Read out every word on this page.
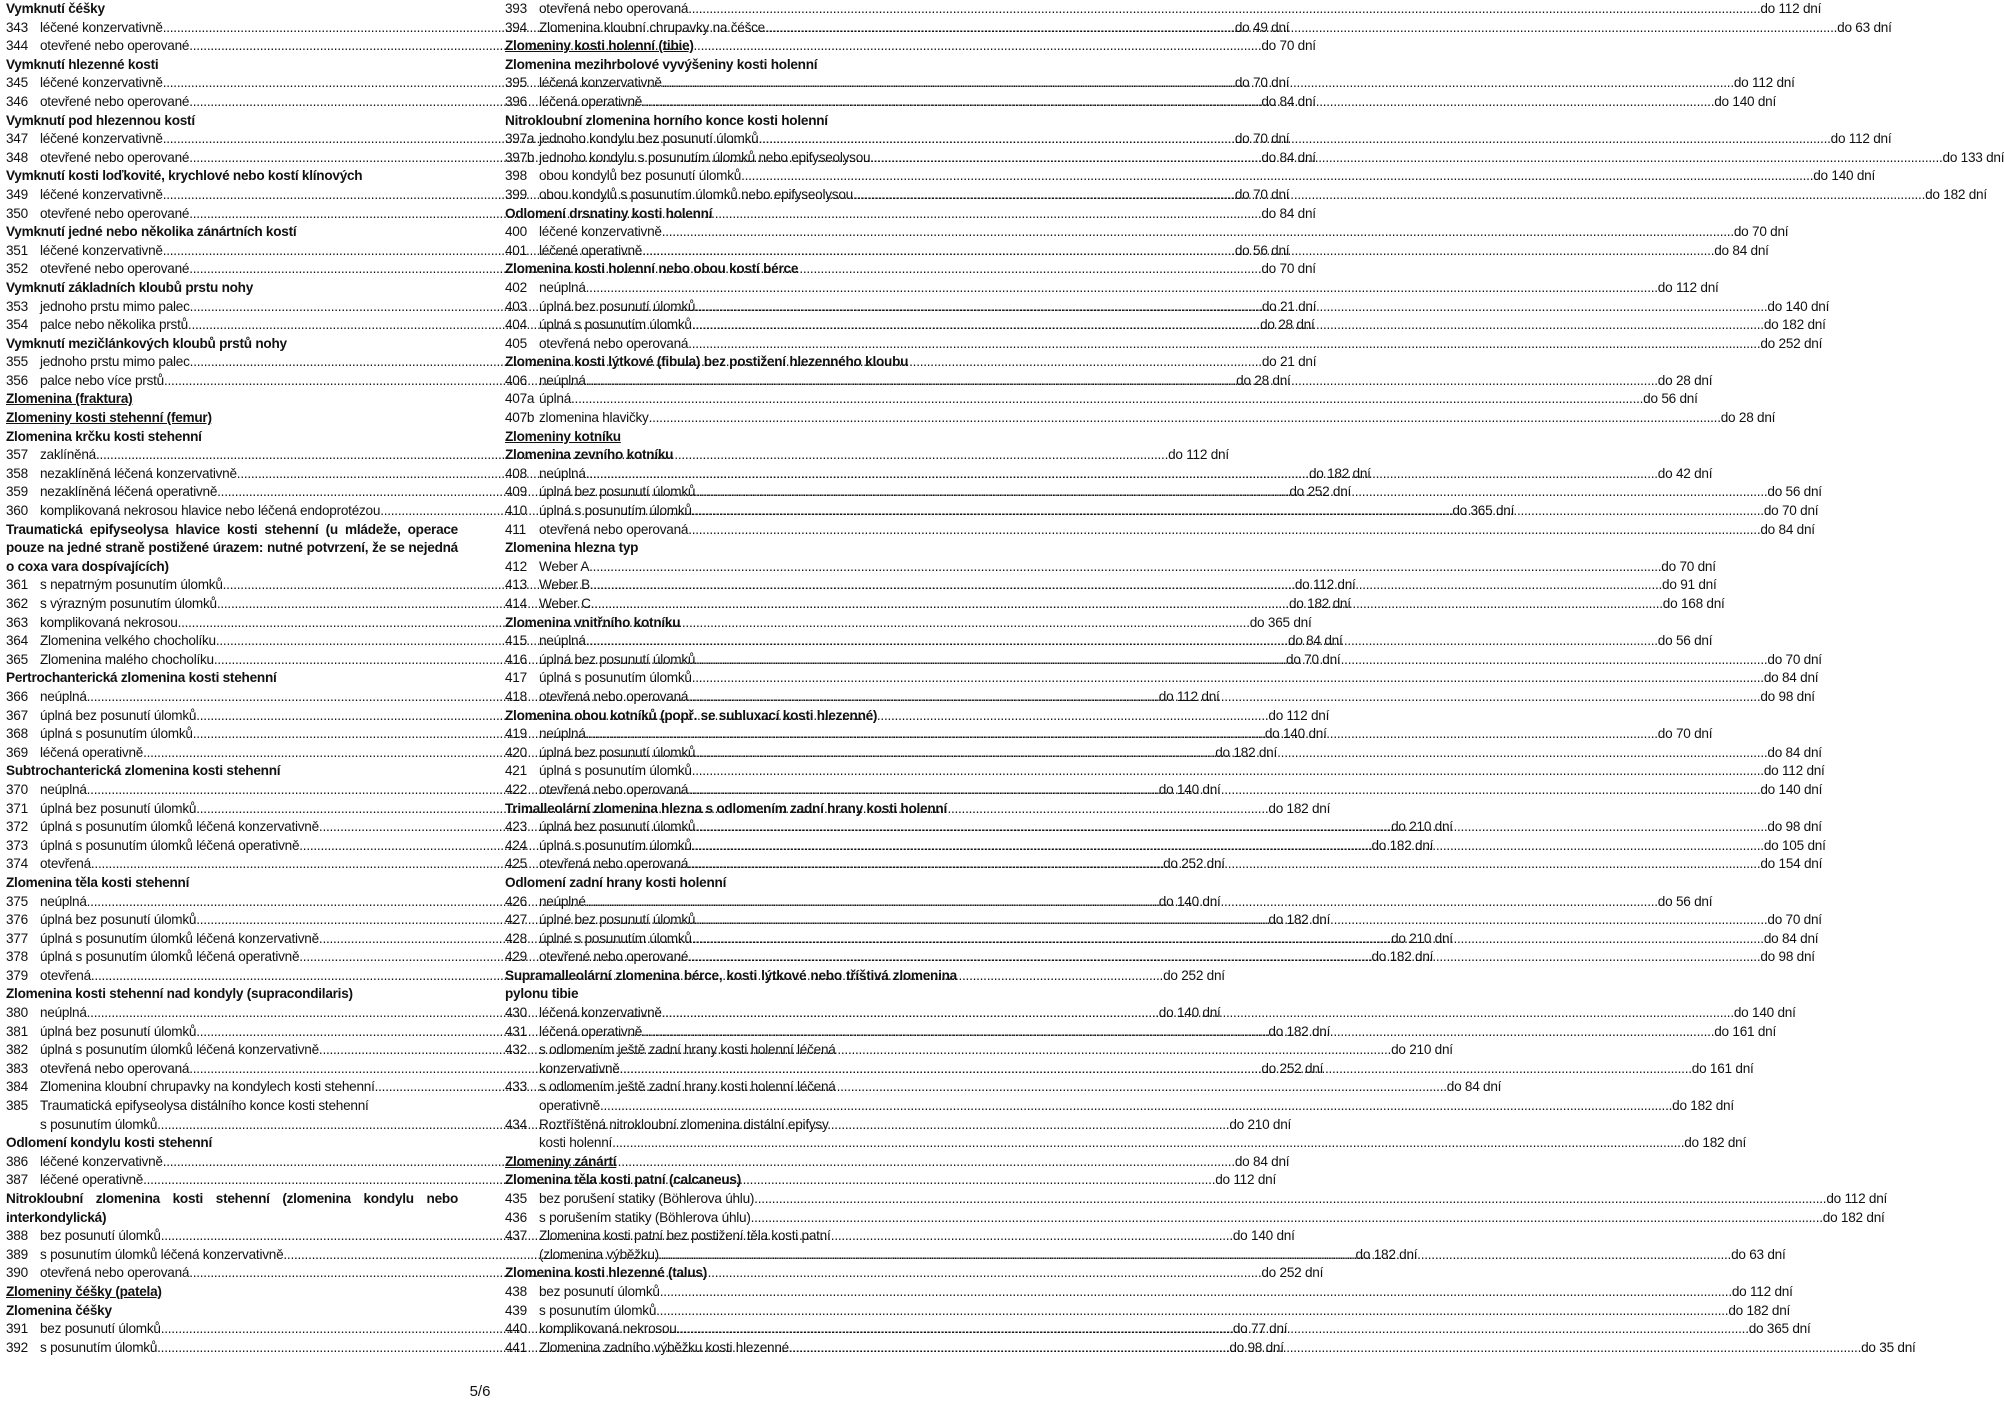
Vymknutí čéšky
343 léčené konzervativně .....	do 49 dní
344 otevřené nebo operované .....	do 70 dní
Vymknutí hlezenné kosti
345 léčené konzervativně .....	do 70 dní
346 otevřené nebo operované .....	do 84 dní
Vymknutí pod hlezennou kostí
347 léčené konzervativně .....	do 70 dní
348 otevřené nebo operované .....	do 84 dní
Vymknutí kosti loďkovité, krychlové nebo kostí klínových
349 léčené konzervativně .....	do 70 dní
350 otevřené nebo operované .....	do 84 dní
Vymknutí jedné nebo několika zánártních kostí
351 léčené konzervativně .....	do 56 dní
352 otevřené nebo operované .....	do 70 dní
Vymknutí základních kloubů prstu nohy
353 jednoho prstu mimo palec .....	do 21 dní
354 palce nebo několika prstů .....	do 28 dní
Vymknutí mezičlánkových kloubů prstů nohy
355 jednoho prstu mimo palec .....	do 21 dní
356 palce nebo více prstů .....	do 28 dní
Zlomenina (fraktura)
Zlomeniny kosti stehenní (femur)
Zlomenina krčku kosti stehenní
357 zaklíněná .....	do 112 dní
358 nezaklíněná léčená konzervativně .....	do 182 dní
359 nezaklíněná léčená operativně .....	do 252 dní
360 komplikovaná nekrosou hlavice nebo léčená endoprotézou .....	do 365 dní
Traumatická epifyseolysa hlavice kosti stehenní (u mládeže, operace pouze na jedné straně postižené úrazem: nutné potvrzení, že se nejedná o coxa vara dospívajících)
361 s nepatrným posunutím úlomků .....	do 112 dní
362 s výrazným posunutím úlomků .....	do 182 dní
363 komplikovaná nekrosou .....	do 365 dní
364 Zlomenina velkého chocholíku .....	do 84 dní
365 Zlomenina malého chocholíku .....	do 70 dní
Pertrochanterická zlomenina kosti stehenní
366 neúplná .....	do 112 dní
367 úplná bez posunutí úlomků .....	do 112 dní
368 úplná s posunutím úlomků .....	do 140 dní
369 léčená operativně .....	do 182 dní
Subtrochanterická zlomenina kosti stehenní
370 neúplná .....	do 140 dní
371 úplná bez posunutí úlomků .....	do 182 dní
372 úplná s posunutím úlomků léčená konzervativně .....	do 210 dní
373 úplná s posunutím úlomků léčená operativně .....	do 182 dní
374 otevřená .....	do 252 dní
Zlomenina těla kosti stehenní
375 neúplná .....	do 140 dní
376 úplná bez posunutí úlomků .....	do 182 dní
377 úplná s posunutím úlomků léčená konzervativně .....	do 210 dní
378 úplná s posunutím úlomků léčená operativně .....	do 182 dní
379 otevřená .....	do 252 dní
Zlomenina kosti stehenní nad kondyly (supracondilaris)
380 neúplná .....	do 140 dní
381 úplná bez posunutí úlomků .....	do 182 dní
382 úplná s posunutím úlomků léčená konzervativně .....	do 210 dní
383 otevřená nebo operovaná .....	do 252 dní
384 Zlomenina kloubní chrupavky na kondylech kosti stehenní .....	do 84 dní
385 Traumatická epifyseolysa distálního konce kosti stehenní
s posunutím úlomků .....	do 210 dní
Odlomení kondylu kosti stehenní
386 léčené konzervativně .....	do 84 dní
387 léčené operativně .....	do 112 dní
Nitrokloubní zlomenina kosti stehenní (zlomenina kondylu nebo interkondylická)
388 bez posunutí úlomků .....	do 140 dní
389 s posunutím úlomků léčená konzervativně .....	do 182 dní
390 otevřená nebo operovaná .....	do 252 dní
Zlomeniny čéšky (patela)
Zlomenina čéšky
391 bez posunutí úlomků .....	do 77 dní
392 s posunutím úlomků .....	do 98 dní
393 otevřená nebo operovaná .....	do 112 dní
394 Zlomenina kloubní chrupavky na čéšce .....	do 63 dní
Zlomeniny kosti holenní (tibie)
Zlomenina mezihrbolové vyvýšeniny kosti holenní
395 léčená konzervativně .....	do 112 dní
396 léčená operativně .....	do 140 dní
Nitrokloubní zlomenina horního konce kosti holenní
397a jednoho kondylu bez posunutí úlomků .....	do 112 dní
397b jednoho kondylu s posunutím úlomků nebo epifyseolysou .....	do 133 dní
398 obou kondylů bez posunutí úlomků .....	do 140 dní
399 obou kondylů s posunutím úlomků nebo epifyseolysou .....	do 182 dní
Odlomení drsnatiny kosti holenní
400 léčené konzervativně .....	do 70 dní
401 léčené operativně .....	do 84 dní
Zlomenina kosti holenní nebo obou kostí bérce
402 neúplná .....	do 112 dní
403 úplná bez posunutí úlomků .....	do 140 dní
404 úplná s posunutím úlomků .....	do 182 dní
405 otevřená nebo operovaná .....	do 252 dní
Zlomenina kosti lýtkové (fibula) bez postižení hlezenného kloubu
406 neúplná .....	do 28 dní
407a úplná .....	do 56 dní
407b zlomenina hlavičky .....	do 28 dní
Zlomeniny kotníku
Zlomenina zevního kotníku
408 neúplná .....	do 42 dní
409 úplná bez posunutí úlomků .....	do 56 dní
410 úplná s posunutím úlomků .....	do 70 dní
411 otevřená nebo operovaná .....	do 84 dní
Zlomenina hlezna typ
412 Weber A .....	do 70 dní
413 Weber B .....	do 91 dní
414 Weber C .....	do 168 dní
Zlomenina vnitřního kotníku
415 neúplná .....	do 56 dní
416 úplná bez posunutí úlomků .....	do 70 dní
417 úplná s posunutím úlomků .....	do 84 dní
418 otevřená nebo operovaná .....	do 98 dní
Zlomenina obou kotníků (popř. se subluxací kosti hlezenné)
419 neúplná .....	do 70 dní
420 úplná bez posunutí úlomků .....	do 84 dní
421 úplná s posunutím úlomků .....	do 112 dní
422 otevřená nebo operovaná .....	do 140 dní
Trimalleolární zlomenina hlezna s odlomením zadní hrany kosti holenní
423 úplná bez posunutí úlomků .....	do 98 dní
424 úplná s posunutím úlomků .....	do 105 dní
425 otevřená nebo operovaná .....	do 154 dní
Odlomení zadní hrany kosti holenní
426 neúplné .....	do 56 dní
427 úplné bez posunutí úlomků .....	do 70 dní
428 úplné s posunutím úlomků .....	do 84 dní
429 otevřené nebo operované .....	do 98 dní
Supramalleolární zlomenina bérce, kosti lýtkové nebo tříštivá zlomenina pylonu tibie
430 léčená konzervativně .....	do 140 dní
431 léčená operativně .....	do 161 dní
432 s odlomením ještě zadní hrany kosti holenní léčená
konzervativně .....	do 161 dní
433 s odlomením ještě zadní hrany kosti holenní léčená
operativně .....	do 182 dní
434 Roztříštěná nitrokloubní zlomenina distální epifysy
kosti holenní .....	do 182 dní
Zlomeniny zánártí
Zlomenina těla kosti patní (calcaneus)
435 bez porušení statiky (Böhlerova úhlu) .....	do 112 dní
436 s porušením statiky (Böhlerova úhlu) .....	do 182 dní
437 Zlomenina kosti patní bez postižení těla kosti patní
(zlomenina výběžku) .....	do 63 dní
Zlomenina kosti hlezenné (talus)
438 bez posunutí úlomků .....	do 112 dní
439 s posunutím úlomků .....	do 182 dní
440 komplikovaná nekrosou .....	do 365 dní
441 Zlomenina zadního výběžku kosti hlezenné .....	do 35 dní
5/6
